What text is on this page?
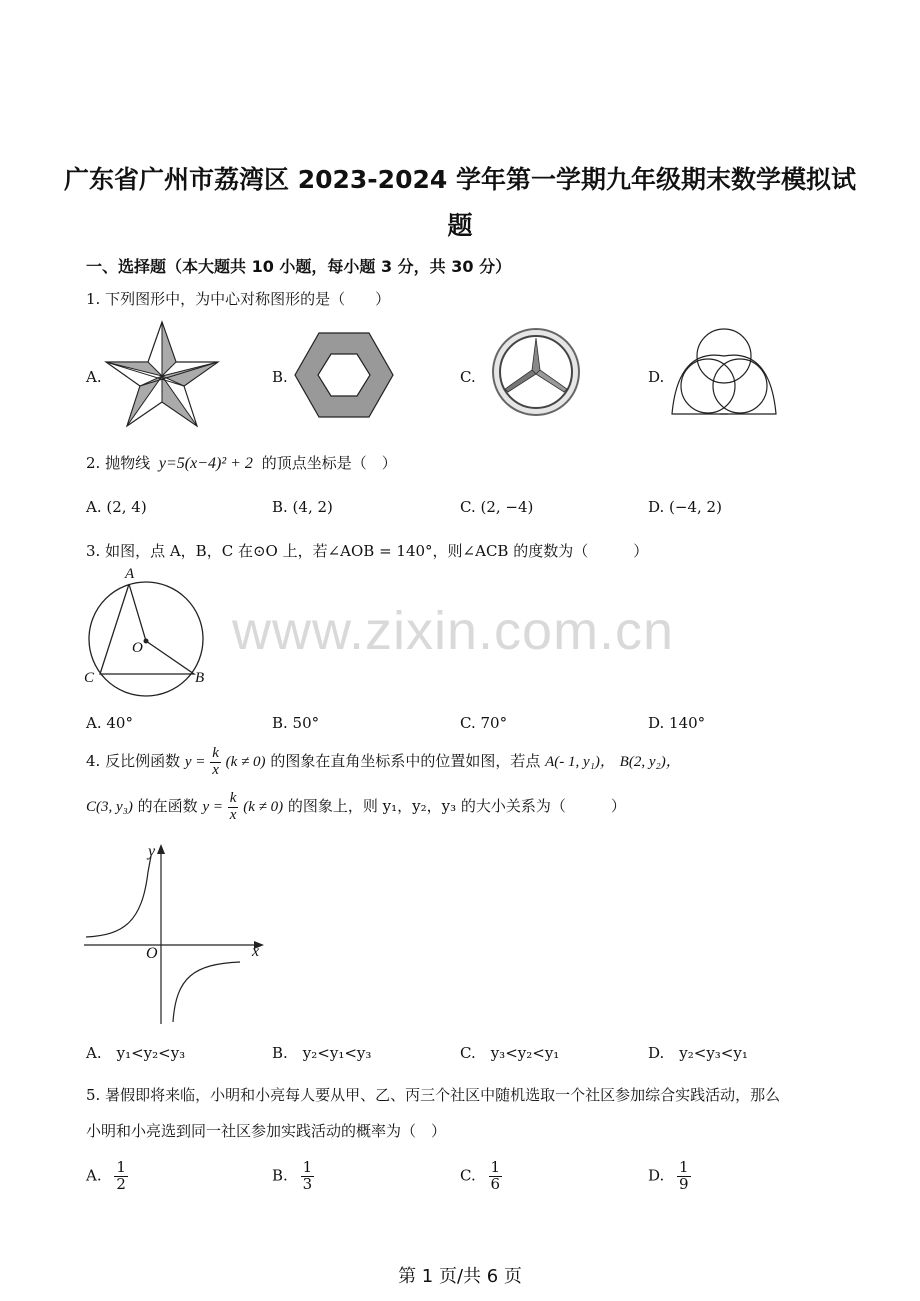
广东省广州市荔湾区 2023-2024 学年第一学期九年级期末数学模拟试
题
一、选择题（本大题共 10 小题，每小题 3 分，共 30 分）
1. 下列图形中，为中心对称图形的是（　　）
A.	B.	C.	D.
2. 抛物线 y=5(x−4)² + 2 的顶点坐标是（　）
A. (2, 4)	B. (4, 2)	C. (2, −4)	D. (−4, 2)
3. 如图，点 A，B，C 在⊙O 上，若∠AOB = 140°，则∠ACB 的度数为（　　　）
A
O
C	B
www.zixin.com.cn
A. 40°	B. 50°	C. 70°	D. 140°
4. 反比例函数 $y = \frac{k}{x} (k \ne 0)$ 的图象在直角坐标系中的位置如图，若点 A(- 1, y₁)， B(2, y₂)，
C(3, y₃) 的在函数 $y = \frac{k}{x} (k \ne 0)$ 的图象上，则 y₁，y₂，y₃ 的大小关系为（　　　）
y
x
O
A.　y₁<y₂<y₃	B.　y₂<y₁<y₃	C.　y₃<y₂<y₁	D.　y₂<y₃<y₁
5. 暑假即将来临，小明和小亮每人要从甲、乙、丙三个社区中随机选取一个社区参加综合实践活动，那么
小明和小亮选到同一社区参加实践活动的概率为（　）
A. $\frac{1}{2}$	B. $\frac{1}{3}$	C. $\frac{1}{6}$	D. $\frac{1}{9}$
第 1 页/共 6 页
